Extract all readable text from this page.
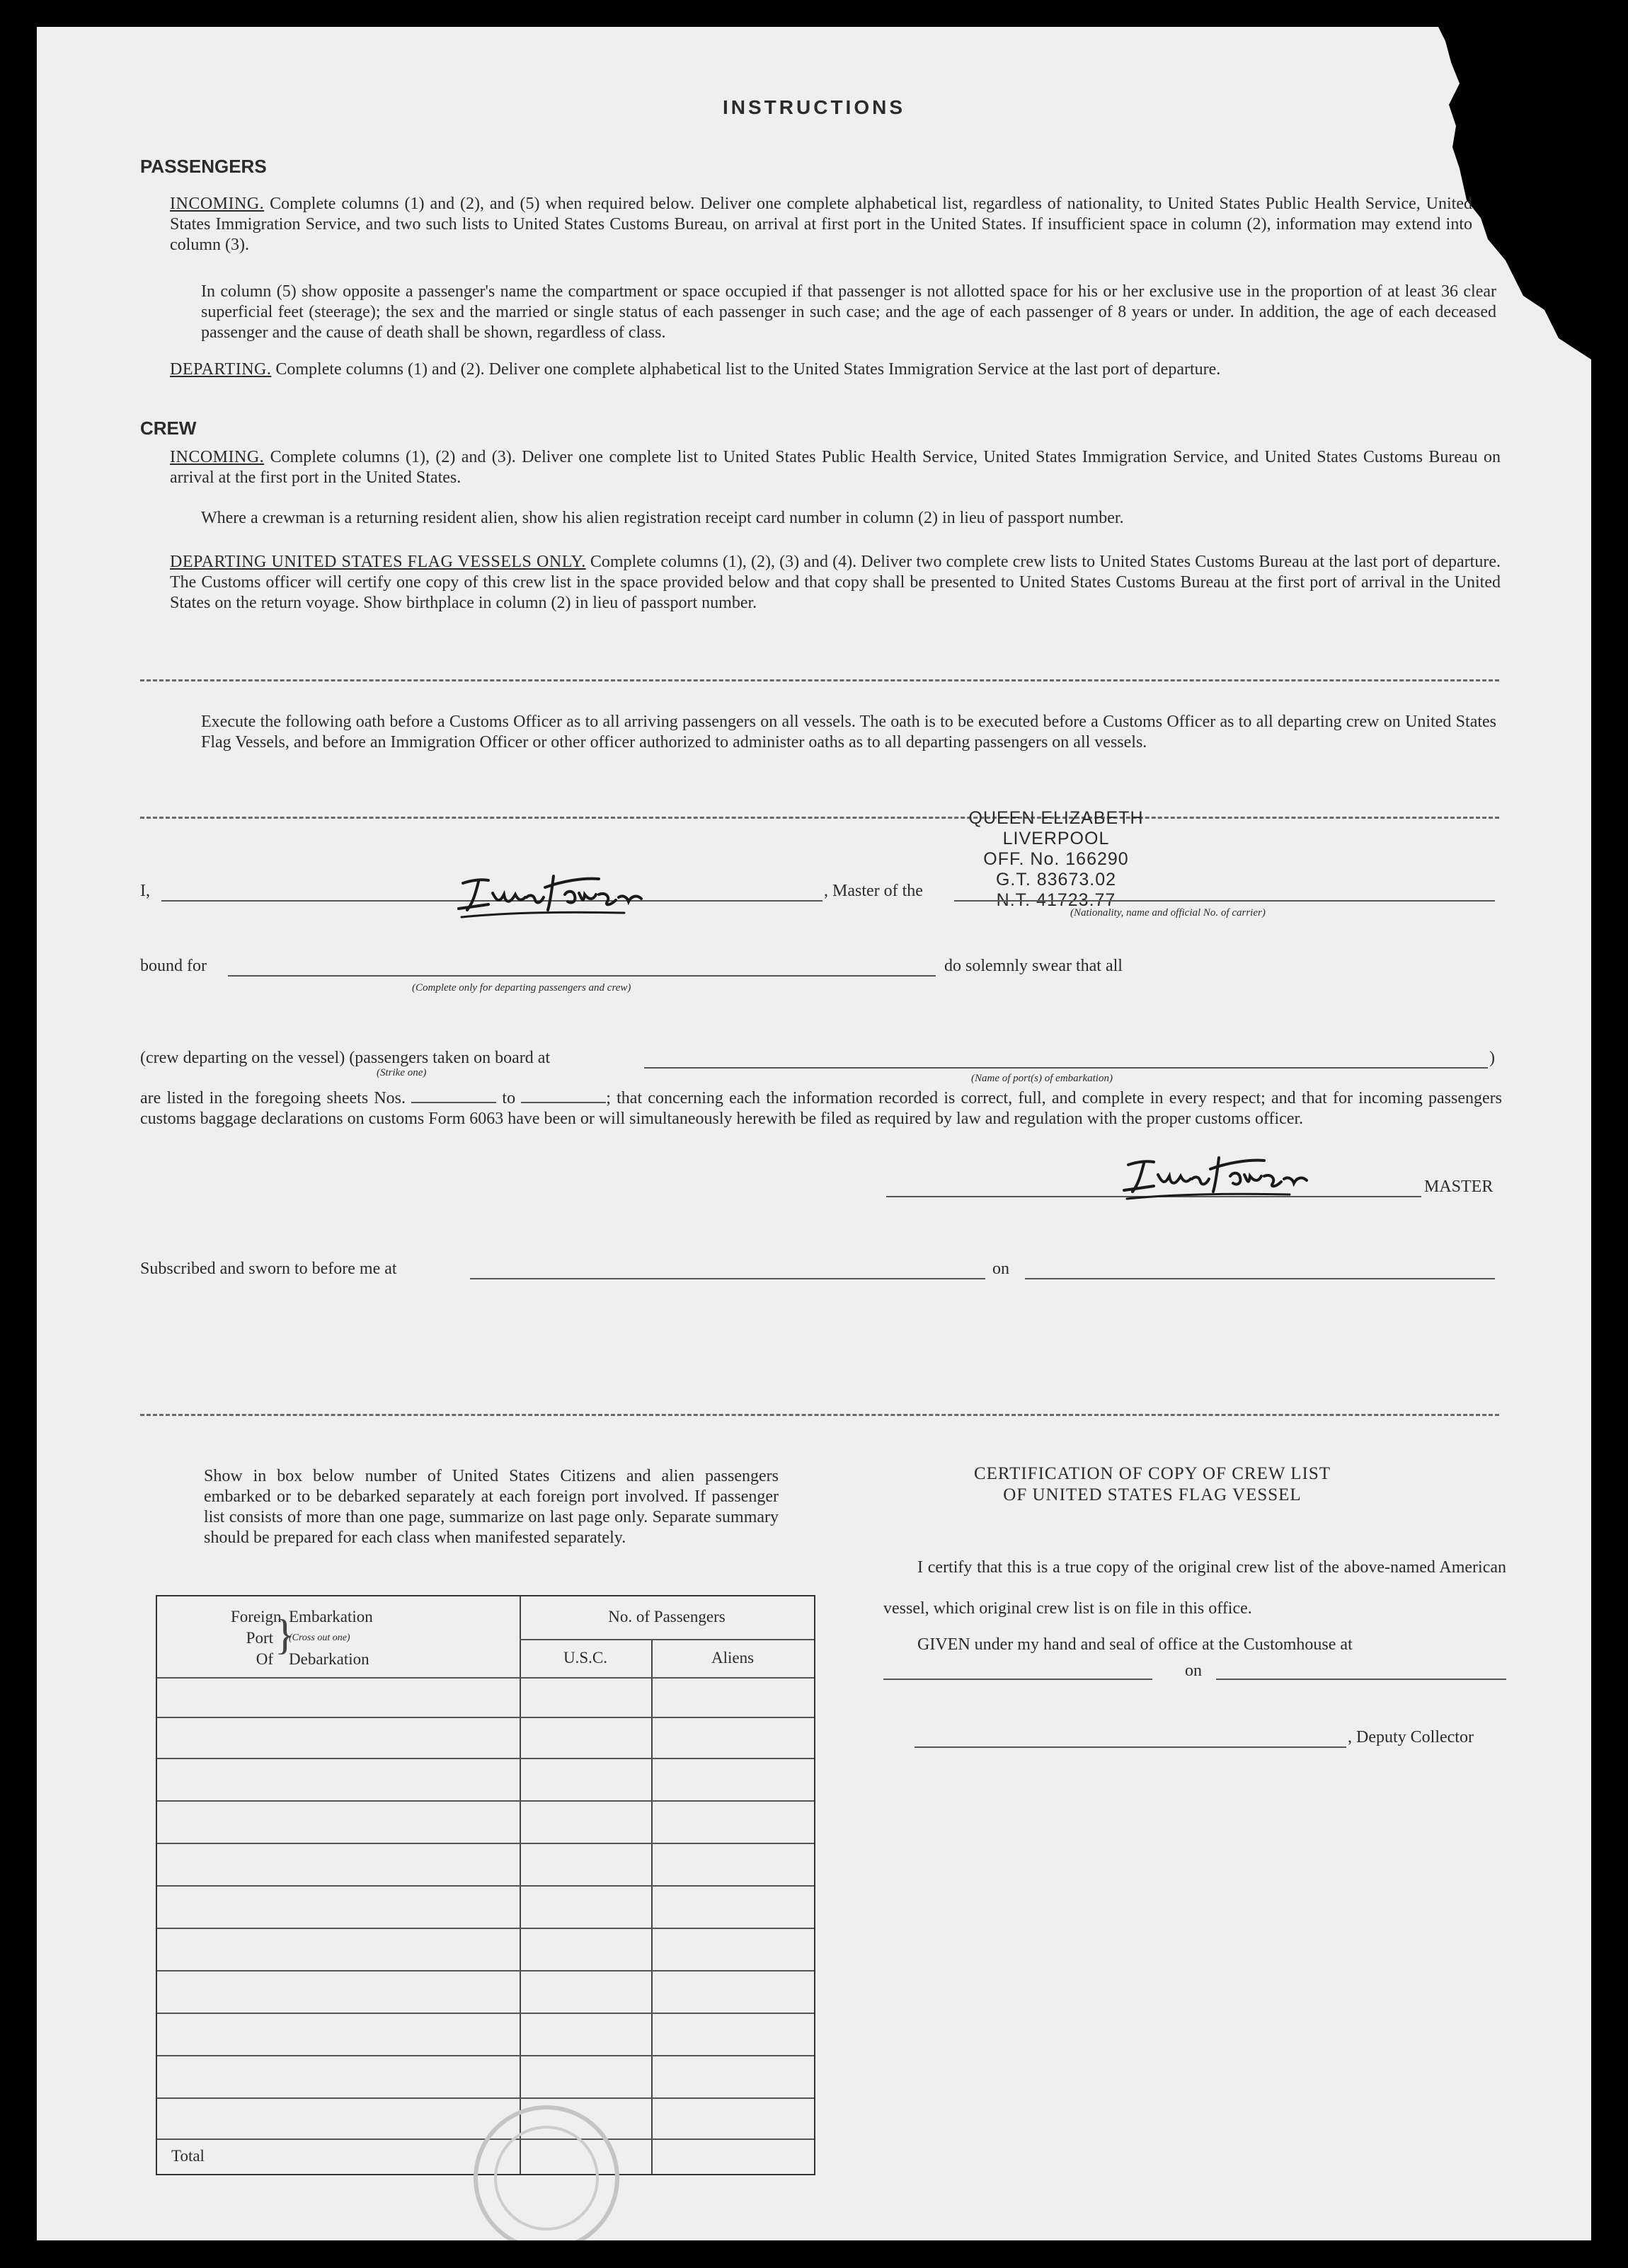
INSTRUCTIONS
PASSENGERS
INCOMING. Complete columns (1) and (2), and (5) when required below. Deliver one complete alphabetical list, regardless of nationality, to United States Public Health Service, United States Immigration Service, and two such lists to United States Customs Bureau, on arrival at first port in the United States. If insufficient space in column (2), information may extend into column (3).
In column (5) show opposite a passenger's name the compartment or space occupied if that passenger is not allotted space for his or her exclusive use in the proportion of at least 36 clear superficial feet (steerage); the sex and the married or single status of each passenger in such case; and the age of each passenger of 8 years or under. In addition, the age of each deceased passenger and the cause of death shall be shown, regardless of class.
DEPARTING. Complete columns (1) and (2). Deliver one complete alphabetical list to the United States Immigration Service at the last port of departure.
CREW
INCOMING. Complete columns (1), (2) and (3). Deliver one complete list to United States Public Health Service, United States Immigration Service, and United States Customs Bureau on arrival at the first port in the United States.
Where a crewman is a returning resident alien, show his alien registration receipt card number in column (2) in lieu of passport number.
DEPARTING UNITED STATES FLAG VESSELS ONLY. Complete columns (1), (2), (3) and (4). Deliver two complete crew lists to United States Customs Bureau at the last port of departure. The Customs officer will certify one copy of this crew list in the space provided below and that copy shall be presented to United States Customs Bureau at the first port of arrival in the United States on the return voyage. Show birthplace in column (2) in lieu of passport number.
Execute the following oath before a Customs Officer as to all arriving passengers on all vessels. The oath is to be executed before a Customs Officer as to all departing crew on United States Flag Vessels, and before an Immigration Officer or other officer authorized to administer oaths as to all departing passengers on all vessels.
QUEEN ELIZABETH
LIVERPOOL
OFF. No. 166290
G.T. 83673.02
N.T. 41723.77
I,	, Master of the
(Nationality, name and official No. of carrier)
bound for
(Complete only for departing passengers and crew)
do solemnly swear that all
(crew departing on the vessel) (passengers taken on board at
(Strike one)
)
(Name of port(s) of embarkation)
are listed in the foregoing sheets Nos.	to	; that concerning each the information recorded is correct, full, and complete in every respect; and that for incoming passengers customs baggage declarations on customs Form 6063 have been or will simultaneously herewith be filed as required by law and regulation with the proper customs officer.
MASTER
Subscribed and sworn to before me at	on
Show in box below number of United States Citizens and alien passengers embarked or to be debarked separately at each foreign port involved. If passenger list consists of more than one page, summarize on last page only. Separate summary should be prepared for each class when manifested separately.
Foreign
Port
Of
}
Embarkation
(Cross out one)
Debarkation
No. of Passengers
U.S.C.	Aliens
Total
CERTIFICATION OF COPY OF CREW LIST
OF UNITED STATES FLAG VESSEL
I certify that this is a true copy of the original crew list of the above-named American vessel, which original crew list is on file in this office.
GIVEN under my hand and seal of office at the Customhouse at
on
, Deputy Collector
